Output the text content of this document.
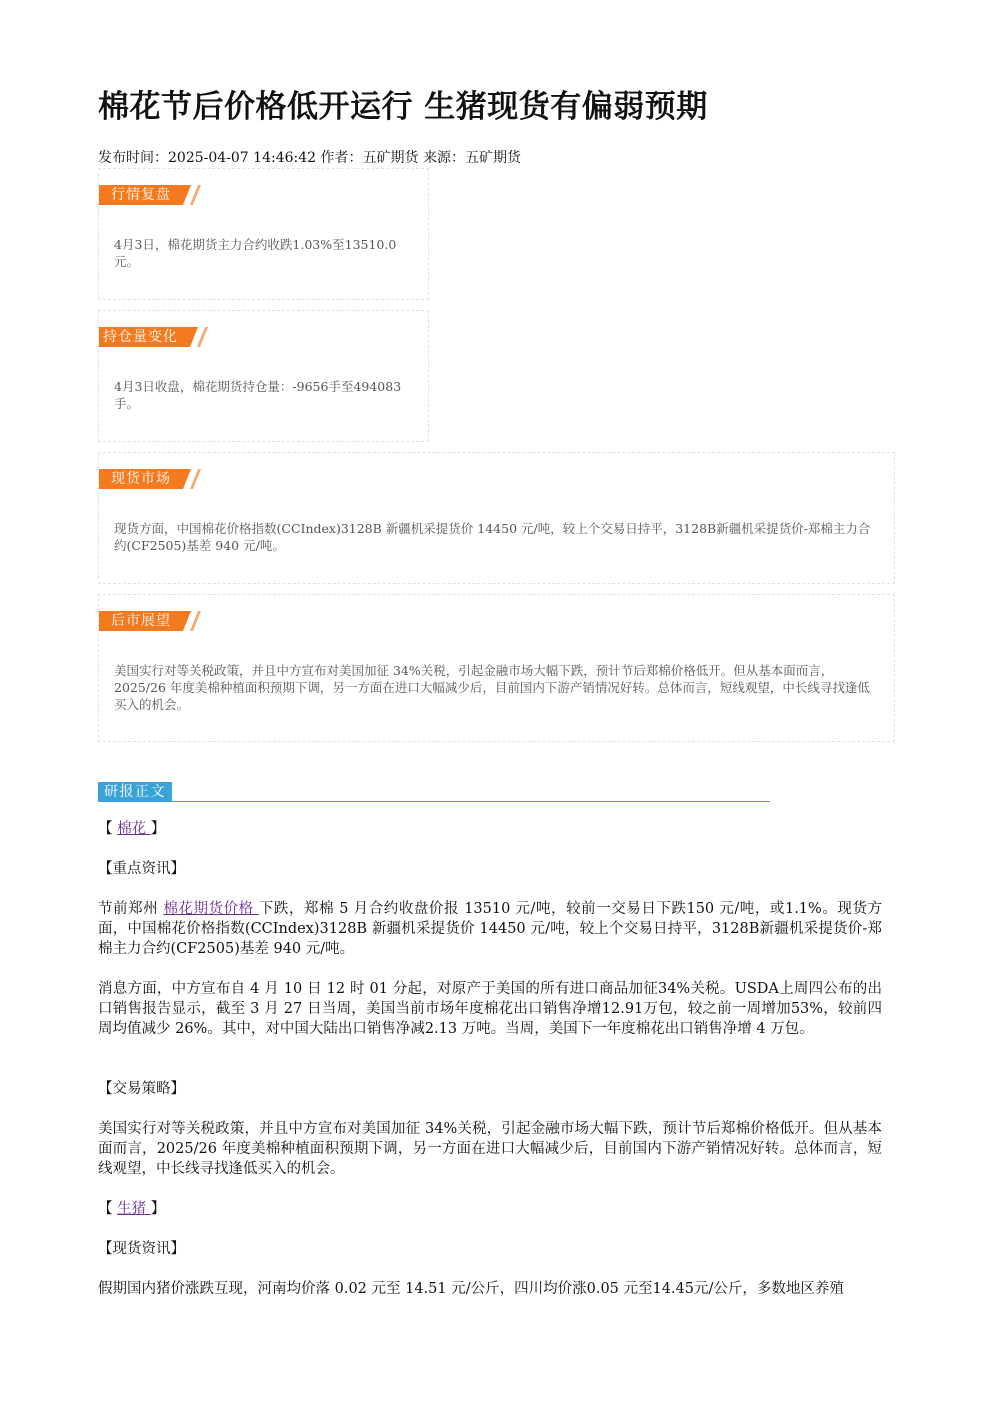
棉花节后价格低开运行 生猪现货有偏弱预期
发布时间：2025-04-07 14:46:42 作者：五矿期货 来源：五矿期货
行情复盘
4月3日，棉花期货主力合约收跌1.03%至13510.0元。
持仓量变化
4月3日收盘，棉花期货持仓量：-9656手至494083手。
现货市场
现货方面，中国棉花价格指数(CCIndex)3128B 新疆机采提货价 14450 元/吨，较上个交易日持平，3128B新疆机采提货价-郑棉主力合约(CF2505)基差 940 元/吨。
后市展望
美国实行对等关税政策，并且中方宣布对美国加征 34%关税，引起金融市场大幅下跌，预计节后郑棉价格低开。但从基本面而言，2025/26 年度美棉种植面积预期下调，另一方面在进口大幅减少后，目前国内下游产销情况好转。总体而言，短线观望，中长线寻找逢低买入的机会。
研报正文
【 棉花 】
【重点资讯】
节前郑州 棉花期货价格 下跌，郑棉 5 月合约收盘价报 13510 元/吨，较前一交易日下跌150 元/吨，或1.1%。现货方面，中国棉花价格指数(CCIndex)3128B 新疆机采提货价 14450 元/吨，较上个交易日持平，3128B新疆机采提货价-郑棉主力合约(CF2505)基差 940 元/吨。
消息方面，中方宣布自 4 月 10 日 12 时 01 分起，对原产于美国的所有进口商品加征34%关税。USDA上周四公布的出口销售报告显示，截至 3 月 27 日当周，美国当前市场年度棉花出口销售净增12.91万包，较之前一周增加53%，较前四周均值减少 26%。其中，对中国大陆出口销售净减2.13 万吨。当周，美国下一年度棉花出口销售净增 4 万包。
【交易策略】
美国实行对等关税政策，并且中方宣布对美国加征 34%关税，引起金融市场大幅下跌，预计节后郑棉价格低开。但从基本面而言，2025/26 年度美棉种植面积预期下调，另一方面在进口大幅减少后，目前国内下游产销情况好转。总体而言，短线观望，中长线寻找逢低买入的机会。
【 生猪 】
【现货资讯】
假期国内猪价涨跌互现，河南均价落 0.02 元至 14.51 元/公斤，四川均价涨0.05 元至14.45元/公斤，多数地区养殖
